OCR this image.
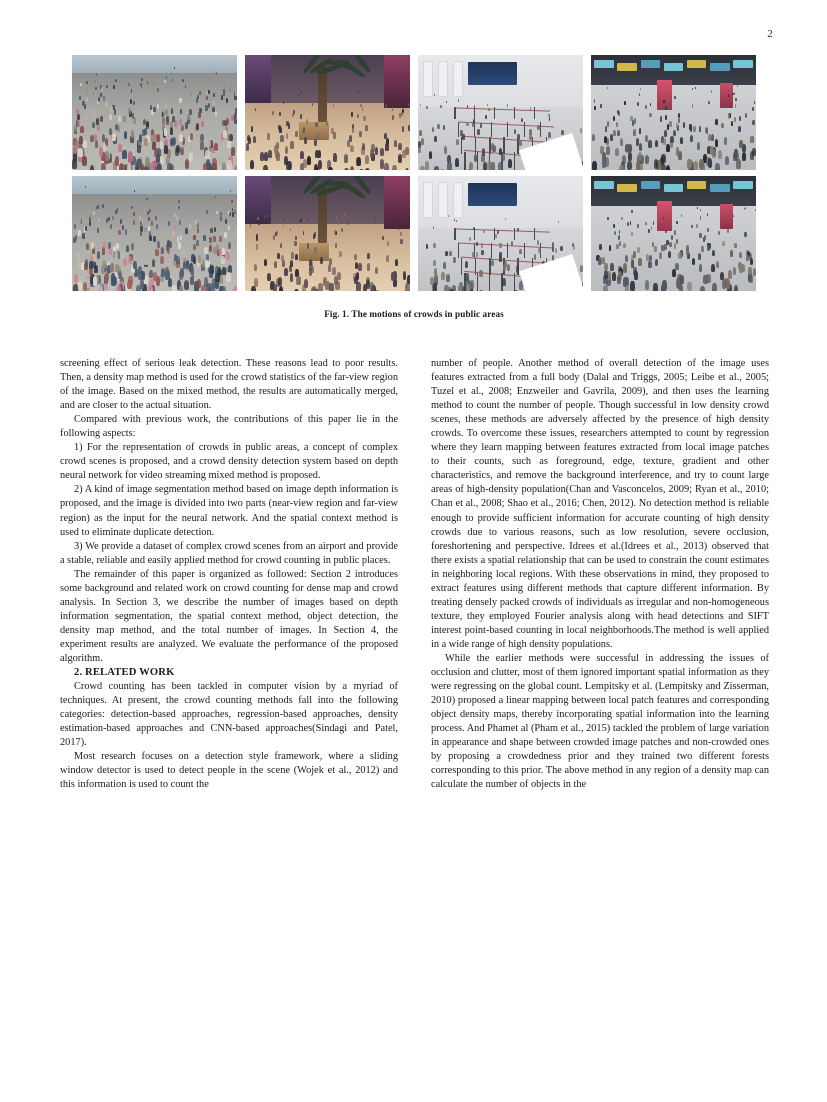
2
Fig. 1. The motions of crowds in public areas

screening effect of serious leak detection. These reasons lead to poor results. Then, a density map method is used for the crowd statistics of the far-view region of the image. Based on the mixed method, the results are automatically merged, and are closer to the actual situation.

Compared with previous work, the contributions of this paper lie in the following aspects:

1) For the representation of crowds in public areas, a concept of complex crowd scenes is proposed, and a crowd density detection system based on depth neural network for video streaming mixed method is proposed.

2) A kind of image segmentation method based on image depth information is proposed, and the image is divided into two parts (near-view region and far-view region) as the input for the neural network. And the spatial context method is used to eliminate duplicate detection.

3) We provide a dataset of complex crowd scenes from an airport and provide a stable, reliable and easily applied method for crowd counting in public places.

The remainder of this paper is organized as followed: Section 2 introduces some background and related work on crowd counting for dense map and crowd analysis. In Section 3, we describe the number of images based on depth information segmentation, the spatial context method, object detection, the density map method, and the total number of images. In Section 4, the experiment results are analyzed. We evaluate the performance of the proposed algorithm.

2. RELATED WORK

Crowd counting has been tackled in computer vision by a myriad of techniques. At present, the crowd counting methods fall into the following categories: detection-based approaches, regression-based approaches, density estimation-based approaches and CNN-based approaches(Sindagi and Patel, 2017).

Most research focuses on a detection style framework, where a sliding window detector is used to detect people in the scene (Wojek et al., 2012) and this information is used to count the

number of people. Another method of overall detection of the image uses features extracted from a full body (Dalal and Triggs, 2005; Leibe et al., 2005; Tuzel et al., 2008; Enzweiler and Gavrila, 2009), and then uses the learning method to count the number of people. Though successful in low density crowd scenes, these methods are adversely affected by the presence of high density crowds. To overcome these issues, researchers attempted to count by regression where they learn mapping between features extracted from local image patches to their counts, such as foreground, edge, texture, gradient and other characteristics, and remove the background interference, and try to count large areas of high-density population(Chan and Vasconcelos, 2009; Ryan et al., 2010; Chan et al., 2008; Shao et al., 2016; Chen, 2012). No detection method is reliable enough to provide sufficient information for accurate counting of high density crowds due to various reasons, such as low resolution, severe occlusion, foreshortening and perspective. Idrees et al.(Idrees et al., 2013) observed that there exists a spatial relationship that can be used to constrain the count estimates in neighboring local regions. With these observations in mind, they proposed to extract features using different methods that capture different information. By treating densely packed crowds of individuals as irregular and non-homogeneous texture, they employed Fourier analysis along with head detections and SIFT interest point-based counting in local neighborhoods.The method is well applied in a wide range of high density populations.

While the earlier methods were successful in addressing the issues of occlusion and clutter, most of them ignored important spatial information as they were regressing on the global count. Lempitsky et al. (Lempitsky and Zisserman, 2010) proposed a linear mapping between local patch features and corresponding object density maps, thereby incorporating spatial information into the learning process. And Phamet al (Pham et al., 2015) tackled the problem of large variation in appearance and shape between crowded image patches and non-crowded ones by proposing a crowdedness prior and they trained two different forests corresponding to this prior. The above method in any region of a density map can calculate the number of objects in the
